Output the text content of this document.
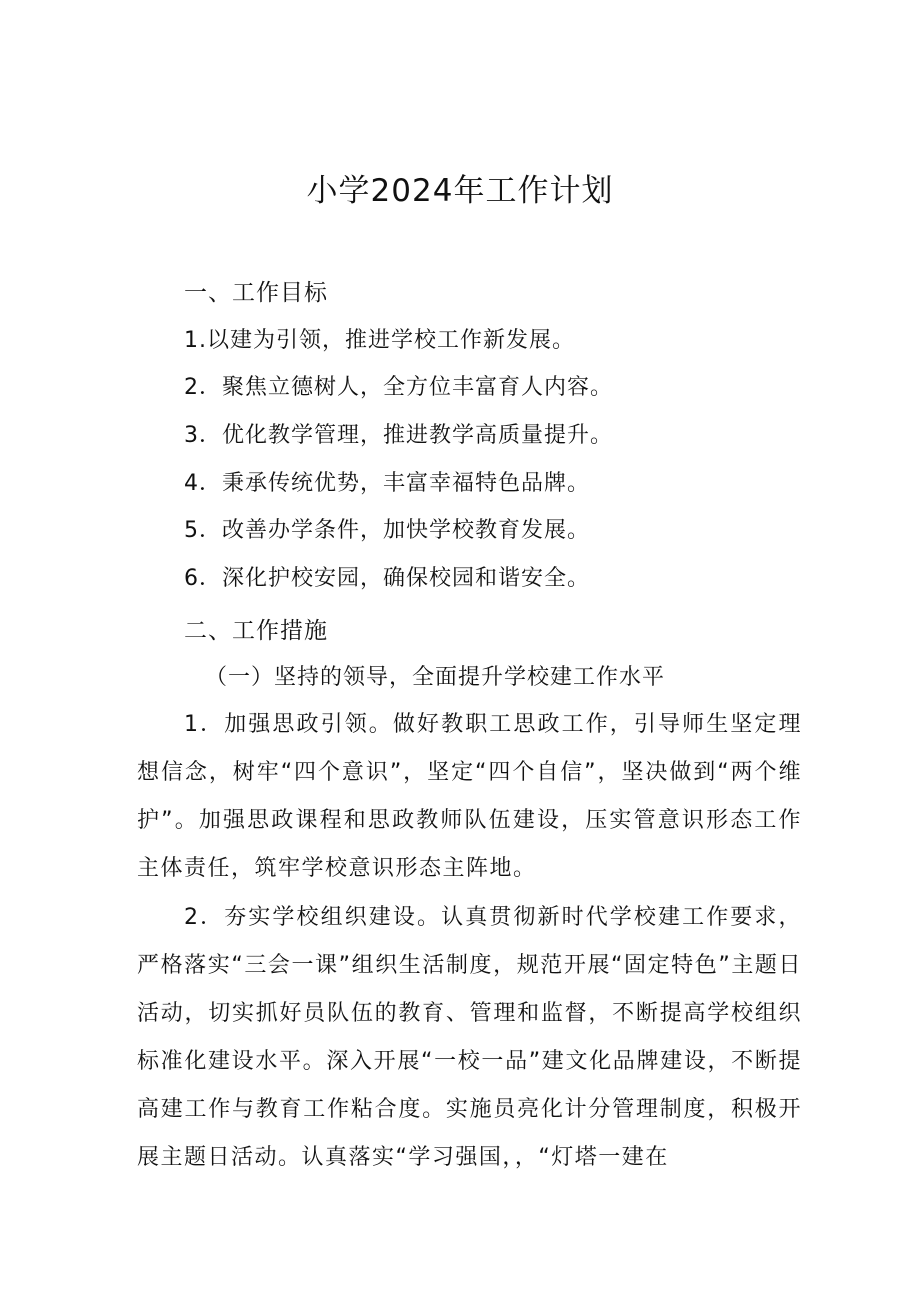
小学2024年工作计划
一、工作目标
1.以建为引领，推进学校工作新发展。
2．聚焦立德树人，全方位丰富育人内容。
3．优化教学管理，推进教学高质量提升。
4．秉承传统优势，丰富幸福特色品牌。
5．改善办学条件，加快学校教育发展。
6．深化护校安园，确保校园和谐安全。
二、工作措施
（一）坚持的领导，全面提升学校建工作水平

1．加强思政引领。做好教职工思政工作，引导师生坚定理想信念，树牢“四个意识”，坚定“四个自信”，坚决做到“两个维护”。加强思政课程和思政教师队伍建设，压实管意识形态工作主体责任，筑牢学校意识形态主阵地。

2．夯实学校组织建设。认真贯彻新时代学校建工作要求，严格落实“三会一课”组织生活制度，规范开展“固定特色”主题日活动，切实抓好员队伍的教育、管理和监督，不断提高学校组织标准化建设水平。深入开展“一校一品”建文化品牌建设，不断提高建工作与教育工作粘合度。实施员亮化计分管理制度，积极开展主题日活动。认真落实“学习强国，，“灯塔一建在
